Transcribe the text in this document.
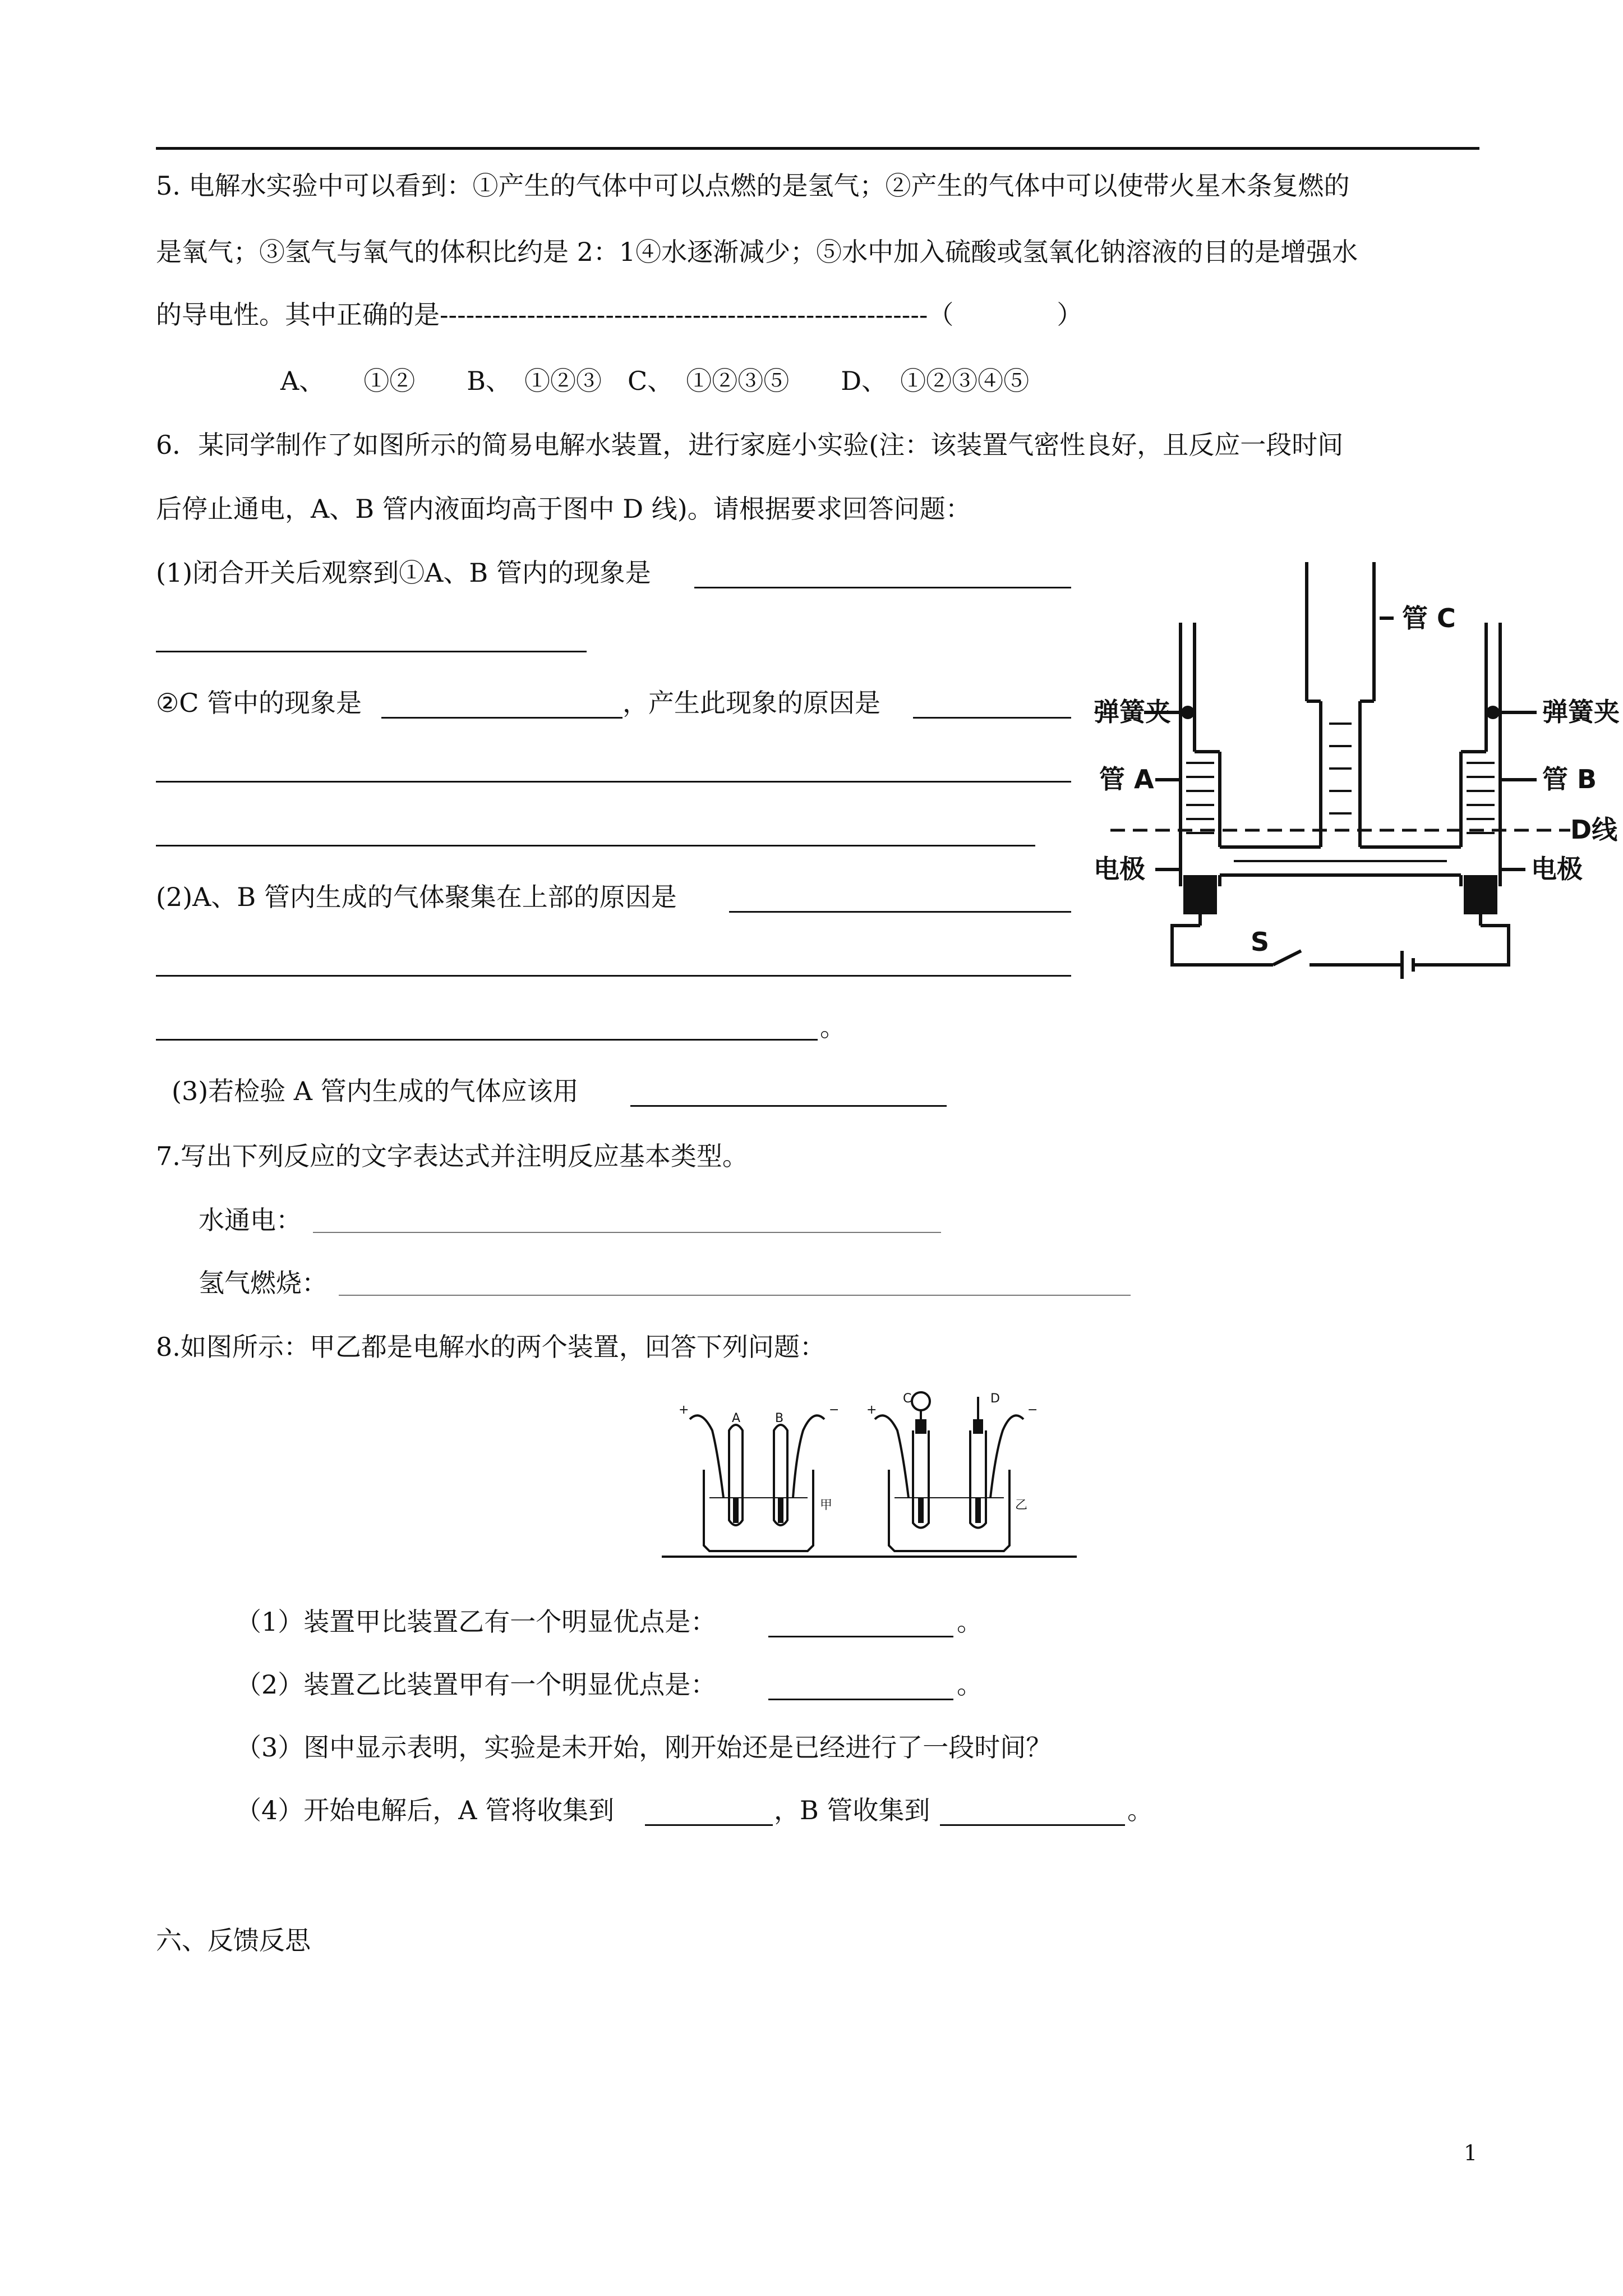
5. 电解水实验中可以看到：①产生的气体中可以点燃的是氢气；②产生的气体中可以使带火星木条复燃的
是氧气；③氢气与氧气的体积比约是 2：1④水逐渐减少；⑤水中加入硫酸或氢氧化钠溶液的目的是增强水
的导电性。其中正确的是--------------------------------------------------------（　　　　）
A、　　①②　　B、　①②③　C、　①②③⑤　　D、　①②③④⑤
6．某同学制作了如图所示的简易电解水装置，进行家庭小实验(注：该装置气密性良好，且反应一段时间
后停止通电，A、B 管内液面均高于图中 D 线)。请根据要求回答问题：
(1)闭合开关后观察到①A、B 管内的现象是
②C 管中的现象是	，产生此现象的原因是
(2)A、B 管内生成的气体聚集在上部的原因是
。
(3)若检验 A 管内生成的气体应该用
管 C
弹簧夹	弹簧夹
管 A	管 B
D线
电极	电极
S
7.写出下列反应的文字表达式并注明反应基本类型。
水通电：
氢气燃烧：
8.如图所示：甲乙都是电解水的两个装置，回答下列问题：
+
A	B
−
甲
+
C	D
−
乙
（1）装置甲比装置乙有一个明显优点是：	。
（2）装置乙比装置甲有一个明显优点是：	。
（3）图中显示表明，实验是未开始，刚开始还是已经进行了一段时间？
（4）开始电解后，A 管将收集到	，B 管收集到	。
六、反馈反思
1
